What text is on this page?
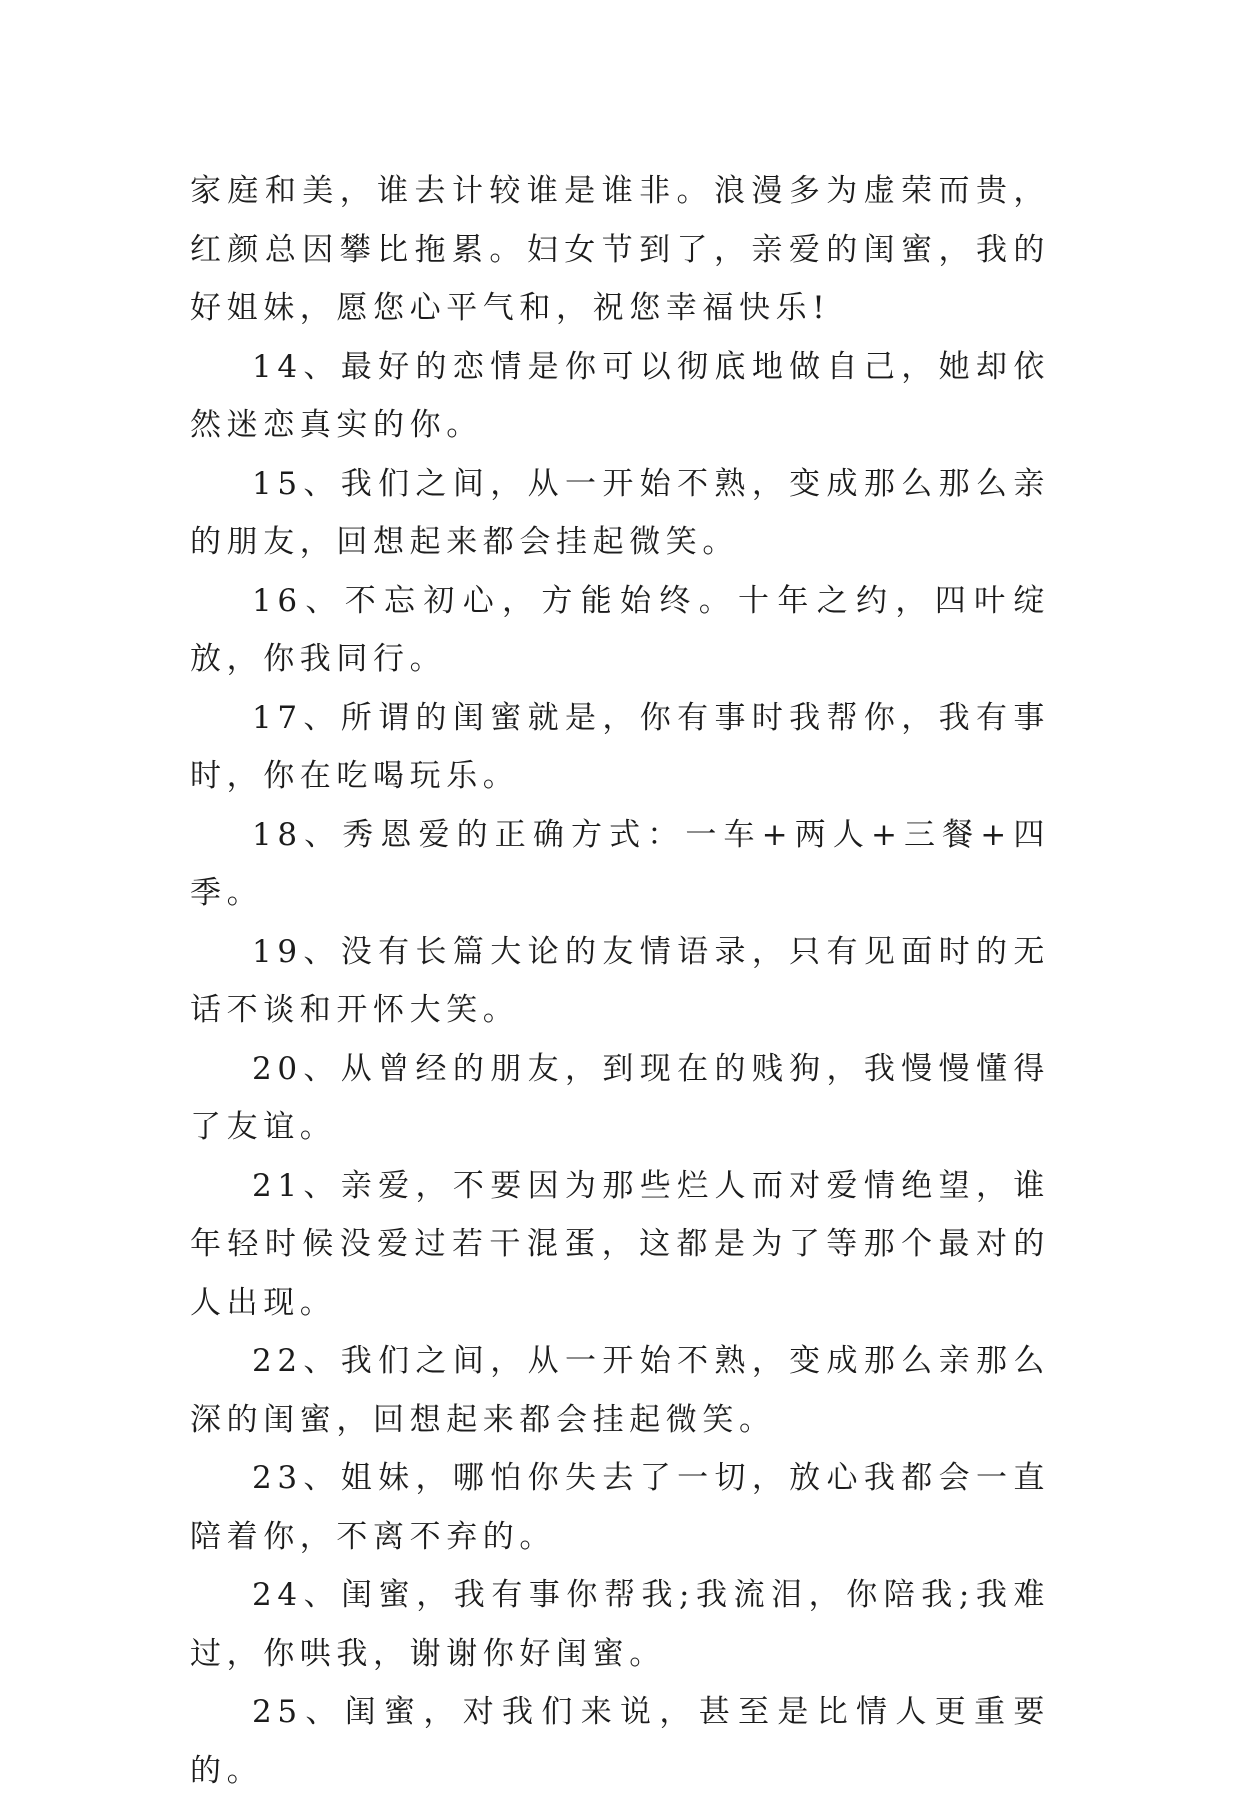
家庭和美，谁去计较谁是谁非。浪漫多为虚荣而贵，红颜总因攀比拖累。妇女节到了，亲爱的闺蜜，我的好姐妹，愿您心平气和，祝您幸福快乐!

14、最好的恋情是你可以彻底地做自己，她却依然迷恋真实的你。

15、我们之间，从一开始不熟，变成那么那么亲的朋友，回想起来都会挂起微笑。

16、不忘初心，方能始终。十年之约，四叶绽放，你我同行。

17、所谓的闺蜜就是，你有事时我帮你，我有事时，你在吃喝玩乐。

18、秀恩爱的正确方式：一车+两人+三餐+四季。

19、没有长篇大论的友情语录，只有见面时的无话不谈和开怀大笑。

20、从曾经的朋友，到现在的贱狗，我慢慢懂得了友谊。

21、亲爱，不要因为那些烂人而对爱情绝望，谁年轻时候没爱过若干混蛋，这都是为了等那个最对的人出现。

22、我们之间，从一开始不熟，变成那么亲那么深的闺蜜，回想起来都会挂起微笑。

23、姐妹，哪怕你失去了一切，放心我都会一直陪着你，不离不弃的。

24、闺蜜，我有事你帮我;我流泪，你陪我;我难过，你哄我，谢谢你好闺蜜。

25、闺蜜，对我们来说，甚至是比情人更重要的。
